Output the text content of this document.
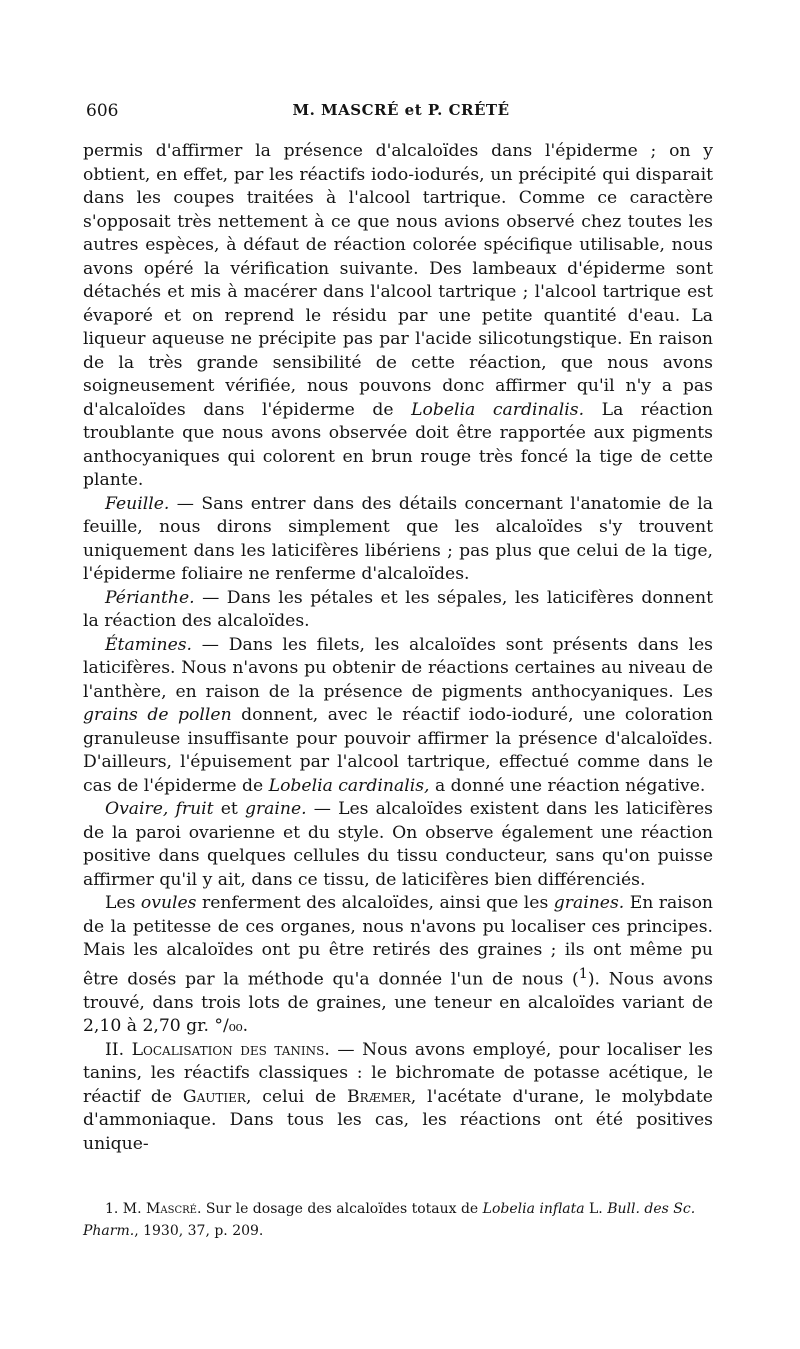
606	M. MASCRÉ et P. CRÉTÉ

permis d'affirmer la présence d'alcaloïdes dans l'épiderme ; on y obtient, en effet, par les réactifs iodo-iodurés, un précipité qui disparait dans les coupes traitées à l'alcool tartrique. Comme ce caractère s'opposait très nettement à ce que nous avions observé chez toutes les autres espèces, à défaut de réaction colorée spécifique utilisable, nous avons opéré la vérification suivante. Des lambeaux d'épiderme sont détachés et mis à macérer dans l'alcool tartrique ; l'alcool tartrique est évaporé et on reprend le résidu par une petite quantité d'eau. La liqueur aqueuse ne précipite pas par l'acide silicotungstique. En raison de la très grande sensibilité de cette réaction, que nous avons soigneusement vérifiée, nous pouvons donc affirmer qu'il n'y a pas d'alcaloïdes dans l'épiderme de Lobelia cardinalis. La réaction troublante que nous avons observée doit être rapportée aux pigments anthocyaniques qui colorent en brun rouge très foncé la tige de cette plante.

Feuille. — Sans entrer dans des détails concernant l'anatomie de la feuille, nous dirons simplement que les alcaloïdes s'y trouvent uniquement dans les laticifères libériens ; pas plus que celui de la tige, l'épiderme foliaire ne renferme d'alcaloïdes.

Périanthe. — Dans les pétales et les sépales, les laticifères donnent la réaction des alcaloïdes.

Étamines. — Dans les filets, les alcaloïdes sont présents dans les laticifères. Nous n'avons pu obtenir de réactions certaines au niveau de l'anthère, en raison de la présence de pigments anthocyaniques. Les grains de pollen donnent, avec le réactif iodo-ioduré, une coloration granuleuse insuffisante pour pouvoir affirmer la présence d'alcaloïdes. D'ailleurs, l'épuisement par l'alcool tartrique, effectué comme dans le cas de l'épiderme de Lobelia cardinalis, a donné une réaction négative.

Ovaire, fruit et graine. — Les alcaloïdes existent dans les laticifères de la paroi ovarienne et du style. On observe également une réaction positive dans quelques cellules du tissu conducteur, sans qu'on puisse affirmer qu'il y ait, dans ce tissu, de laticifères bien différenciés.

Les ovules renferment des alcaloïdes, ainsi que les graines. En raison de la petitesse de ces organes, nous n'avons pu localiser ces principes. Mais les alcaloïdes ont pu être retirés des graines ; ils ont même pu être dosés par la méthode qu'a donnée l'un de nous ($^1$). Nous avons trouvé, dans trois lots de graines, une teneur en alcaloïdes variant de 2,10 à 2,70 gr. °/₀₀.

II. Localisation des tanins. — Nous avons employé, pour localiser les tanins, les réactifs classiques : le bichromate de potasse acétique, le réactif de Gautier, celui de Bræmer, l'acétate d'urane, le molybdate d'ammoniaque. Dans tous les cas, les réactions ont été positives unique-

1. M. Mascré. Sur le dosage des alcaloïdes totaux de Lobelia inflata L. Bull. des Sc. Pharm., 1930, 37, p. 209.
